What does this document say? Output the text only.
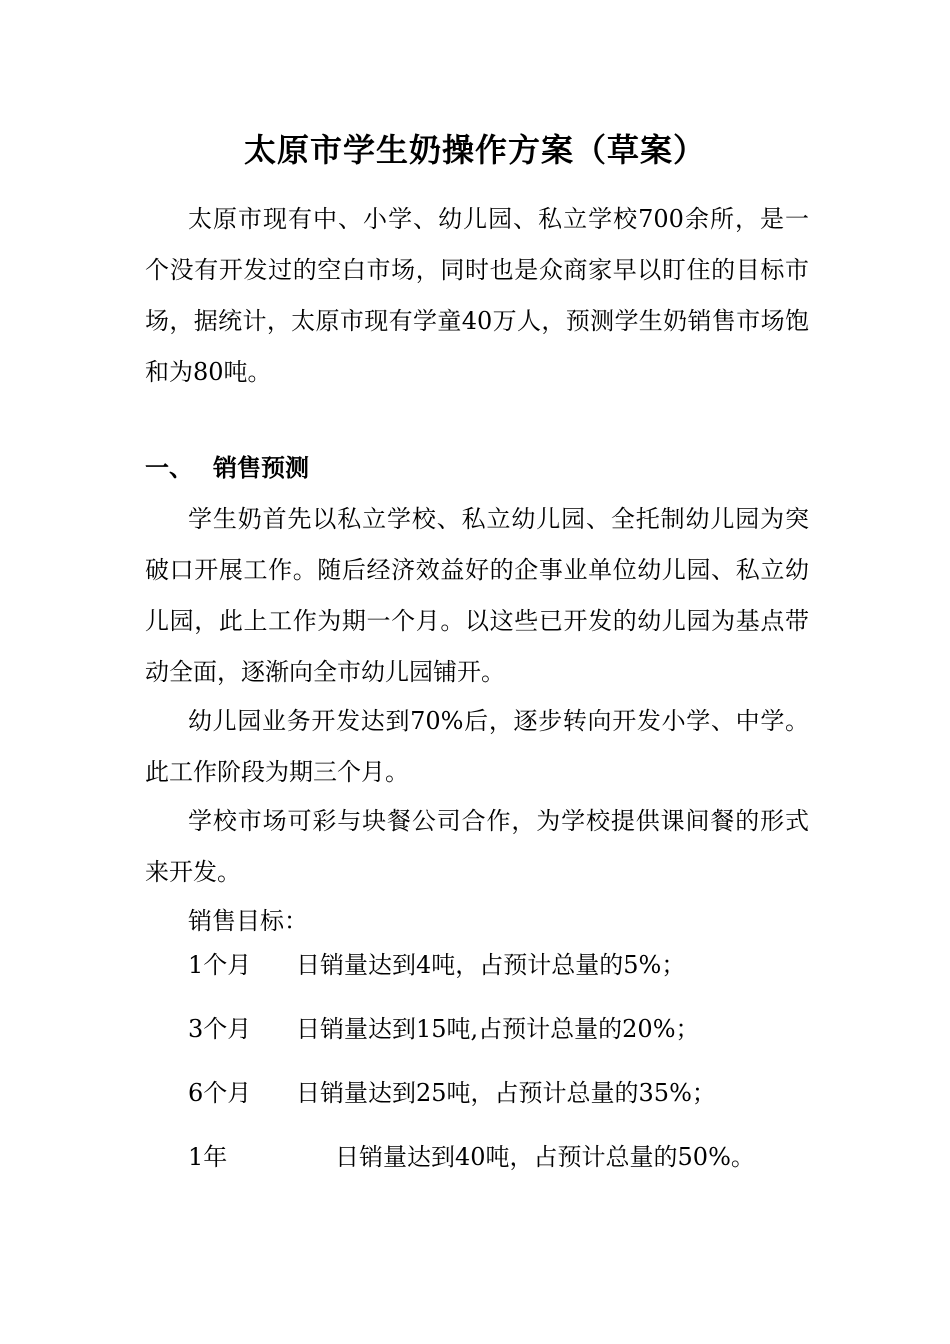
太原市学生奶操作方案（草案）

太原市现有中、小学、幼儿园、私立学校700余所，是一个没有开发过的空白市场，同时也是众商家早以盯住的目标市场，据统计，太原市现有学童40万人，预测学生奶销售市场饱和为80吨。

一、 销售预测

学生奶首先以私立学校、私立幼儿园、全托制幼儿园为突破口开展工作。随后经济效益好的企事业单位幼儿园、私立幼儿园，此上工作为期一个月。以这些已开发的幼儿园为基点带动全面，逐渐向全市幼儿园铺开。

幼儿园业务开发达到70%后，逐步转向开发小学、中学。此工作阶段为期三个月。

学校市场可彩与块餐公司合作，为学校提供课间餐的形式来开发。

销售目标：

1个月 日销量达到4吨，占预计总量的5%；
3个月 日销量达到15吨,占预计总量的20%；
6个月 日销量达到25吨，占预计总量的35%；
1年	日销量达到40吨，占预计总量的50%。
